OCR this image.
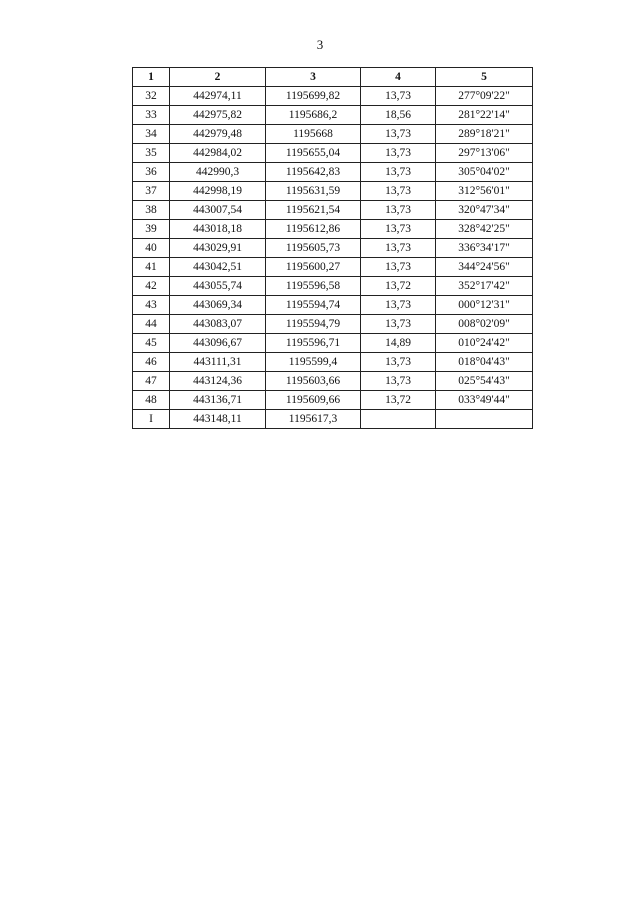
3
1	2	3	4	5
32	442974,11	1195699,82	13,73	277°09'22"
33	442975,82	1195686,2	18,56	281°22'14"
34	442979,48	1195668	13,73	289°18'21"
35	442984,02	1195655,04	13,73	297°13'06"
36	442990,3	1195642,83	13,73	305°04'02"
37	442998,19	1195631,59	13,73	312°56'01"
38	443007,54	1195621,54	13,73	320°47'34"
39	443018,18	1195612,86	13,73	328°42'25"
40	443029,91	1195605,73	13,73	336°34'17"
41	443042,51	1195600,27	13,73	344°24'56"
42	443055,74	1195596,58	13,72	352°17'42"
43	443069,34	1195594,74	13,73	000°12'31"
44	443083,07	1195594,79	13,73	008°02'09"
45	443096,67	1195596,71	14,89	010°24'42"
46	443111,31	1195599,4	13,73	018°04'43"
47	443124,36	1195603,66	13,73	025°54'43"
48	443136,71	1195609,66	13,72	033°49'44"
I	443148,11	1195617,3		
